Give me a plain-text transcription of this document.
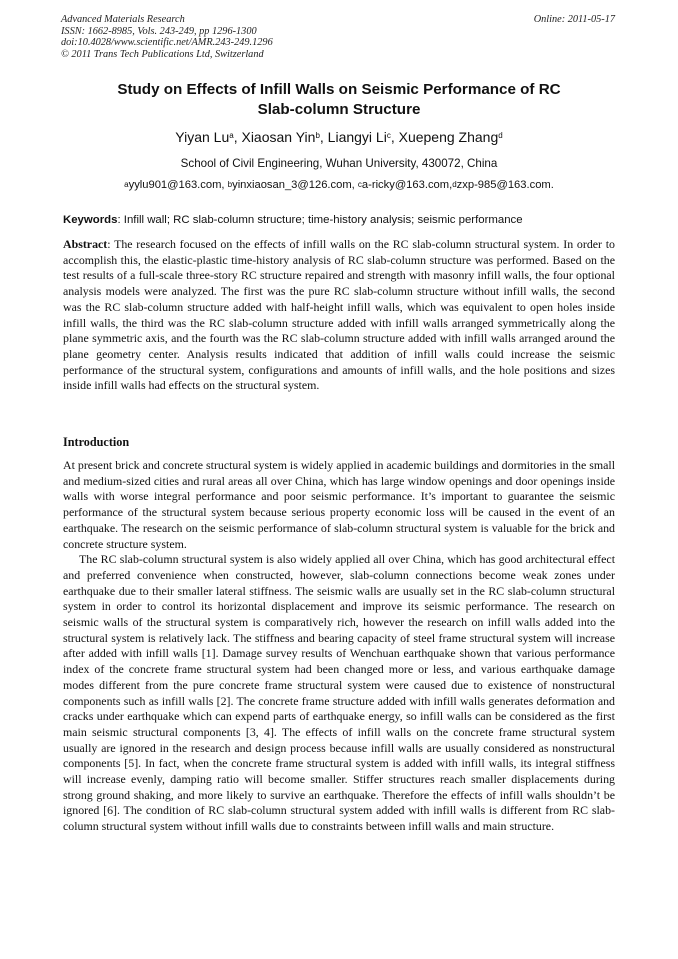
Advanced Materials Research
ISSN: 1662-8985, Vols. 243-249, pp 1296-1300
doi:10.4028/www.scientific.net/AMR.243-249.1296
© 2011 Trans Tech Publications Ltd, Switzerland
Online: 2011-05-17
Study on Effects of Infill Walls on Seismic Performance of RC
Slab-column Structure
Yiyan Lu$^a$, Xiaosan Yin$^b$, Liangyi Li$^c$, Xuepeng Zhang$^d$
School of Civil Engineering, Wuhan University, 430072, China
$^a$yylu901@163.com, $^b$yinxiaosan_3@126.com, $^c$a-ricky@163.com,$^d$zxp-985@163.com.
Keywords: Infill wall; RC slab-column structure; time-history analysis; seismic performance

Abstract: The research focused on the effects of infill walls on the RC slab-column structural system. In order to accomplish this, the elastic-plastic time-history analysis of RC slab-column structure was performed. Based on the test results of a full-scale three-story RC structure repaired and strength with masonry infill walls, the four optional analysis models were analyzed. The first was the pure RC slab-column structure without infill walls, the second was the RC slab-column structure added with half-height infill walls, which was equivalent to open holes inside infill walls, the third was the RC slab-column structure added with infill walls arranged symmetrically along the plane symmetric axis, and the fourth was the RC slab-column structure added with infill walls arranged around the plane geometry center. Analysis results indicated that addition of infill walls could increase the seismic performance of the structural system, configurations and amounts of infill walls, and the hole positions and sizes inside infill walls had effects on the structural system.

Introduction

At present brick and concrete structural system is widely applied in academic buildings and dormitories in the small and medium-sized cities and rural areas all over China, which has large window openings and door openings inside walls with worse integral performance and poor seismic performance. It’s important to guarantee the seismic performance of the structural system because serious property economic loss will be caused in the event of an earthquake. The research on the seismic performance of slab-column structural system is valuable for the brick and concrete structure system.

The RC slab-column structural system is also widely applied all over China, which has good architectural effect and preferred convenience when constructed, however, slab-column connections become weak zones under earthquake due to their smaller lateral stiffness. The seismic walls are usually set in the RC slab-column structural system in order to control its horizontal displacement and improve its seismic performance. The research on seismic walls of the structural system is comparatively rich, however the research on infill walls added into the structural system is relatively lack. The stiffness and bearing capacity of steel frame structural system will increase after added with infill walls [1]. Damage survey results of Wenchuan earthquake shown that various performance index of the concrete frame structural system had been changed more or less, and various earthquake damage modes different from the pure concrete frame structural system were caused due to existence of nonstructural components such as infill walls [2]. The concrete frame structure added with infill walls generates deformation and cracks under earthquake which can expend parts of earthquake energy, so infill walls can be considered as the first main seismic structural components [3, 4]. The effects of infill walls on the concrete frame structural system usually are ignored in the research and design process because infill walls are usually considered as nonstructural components [5]. In fact, when the concrete frame structural system is added with infill walls, its integral stiffness will increase evenly, damping ratio will become smaller. Stiffer structures reach smaller displacements during strong ground shaking, and more likely to survive an earthquake. Therefore the effects of infill walls shouldn’t be ignored [6]. The condition of RC slab-column structural system added with infill walls is different from RC slab-column structural system without infill walls due to constraints between infill walls and main structure.
